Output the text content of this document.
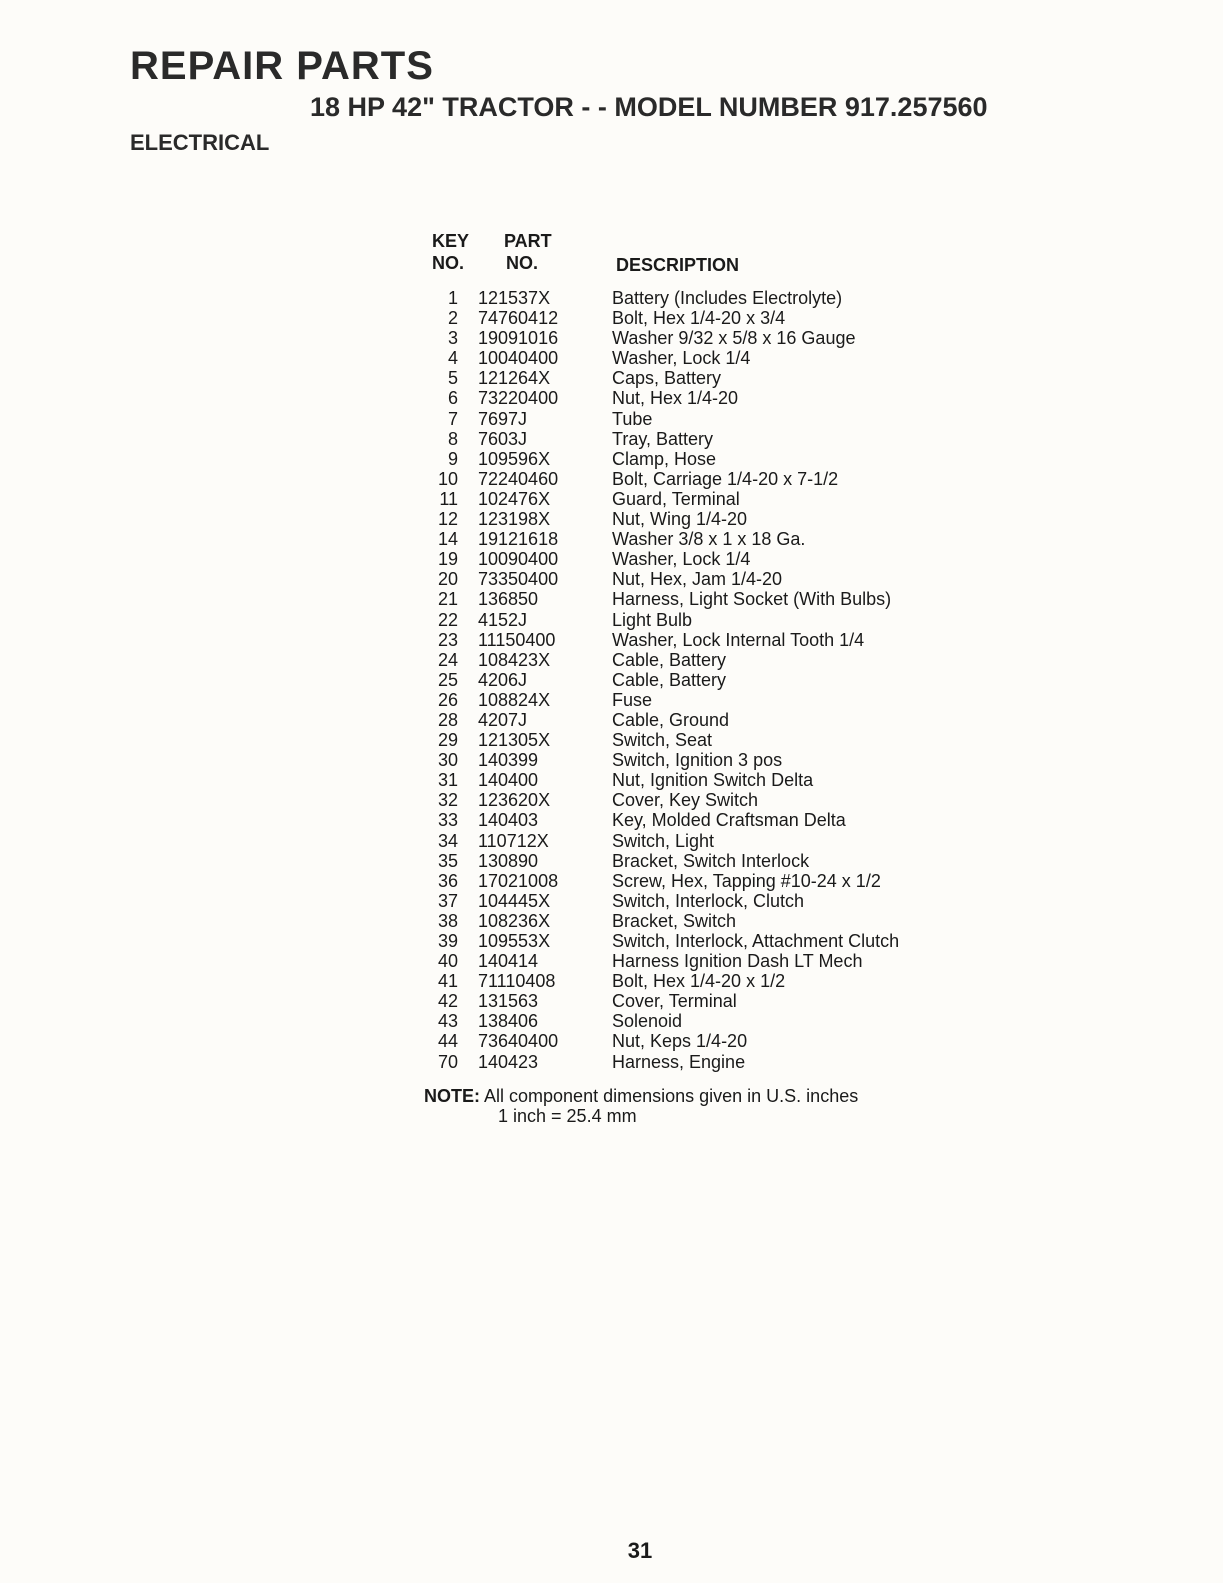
REPAIR PARTS
18 HP 42" TRACTOR - - MODEL NUMBER 917.257560
ELECTRICAL
KEY
NO.
PART
NO.	DESCRIPTION
1 121537X	Battery (Includes Electrolyte)
2 74760412	Bolt, Hex 1/4-20 x 3/4
3 19091016	Washer 9/32 x 5/8 x 16 Gauge
4 10040400	Washer, Lock 1/4
5 121264X	Caps, Battery
6 73220400	Nut, Hex 1/4-20
7 7697J	Tube
8 7603J	Tray, Battery
9 109596X	Clamp, Hose
10 72240460	Bolt, Carriage 1/4-20 x 7-1/2
11 102476X	Guard, Terminal
12 123198X	Nut, Wing 1/4-20
14 19121618	Washer 3/8 x 1 x 18 Ga.
19 10090400	Washer, Lock 1/4
20 73350400	Nut, Hex, Jam 1/4-20
21 136850	Harness, Light Socket (With Bulbs)
22 4152J	Light Bulb
23 11150400	Washer, Lock Internal Tooth 1/4
24 108423X	Cable, Battery
25 4206J	Cable, Battery
26 108824X	Fuse
28 4207J	Cable, Ground
29 121305X	Switch, Seat
30 140399	Switch, Ignition 3 pos
31 140400	Nut, Ignition Switch Delta
32 123620X	Cover, Key Switch
33 140403	Key, Molded Craftsman Delta
34 110712X	Switch, Light
35 130890	Bracket, Switch Interlock
36 17021008	Screw, Hex, Tapping #10-24 x 1/2
37 104445X	Switch, Interlock, Clutch
38 108236X	Bracket, Switch
39 109553X	Switch, Interlock, Attachment Clutch
40 140414	Harness Ignition Dash LT Mech
41 71110408	Bolt, Hex 1/4-20 x 1/2
42 131563	Cover, Terminal
43 138406	Solenoid
44 73640400	Nut, Keps 1/4-20
70 140423	Harness, Engine
NOTE: All component dimensions given in U.S. inches
1 inch = 25.4 mm
31
